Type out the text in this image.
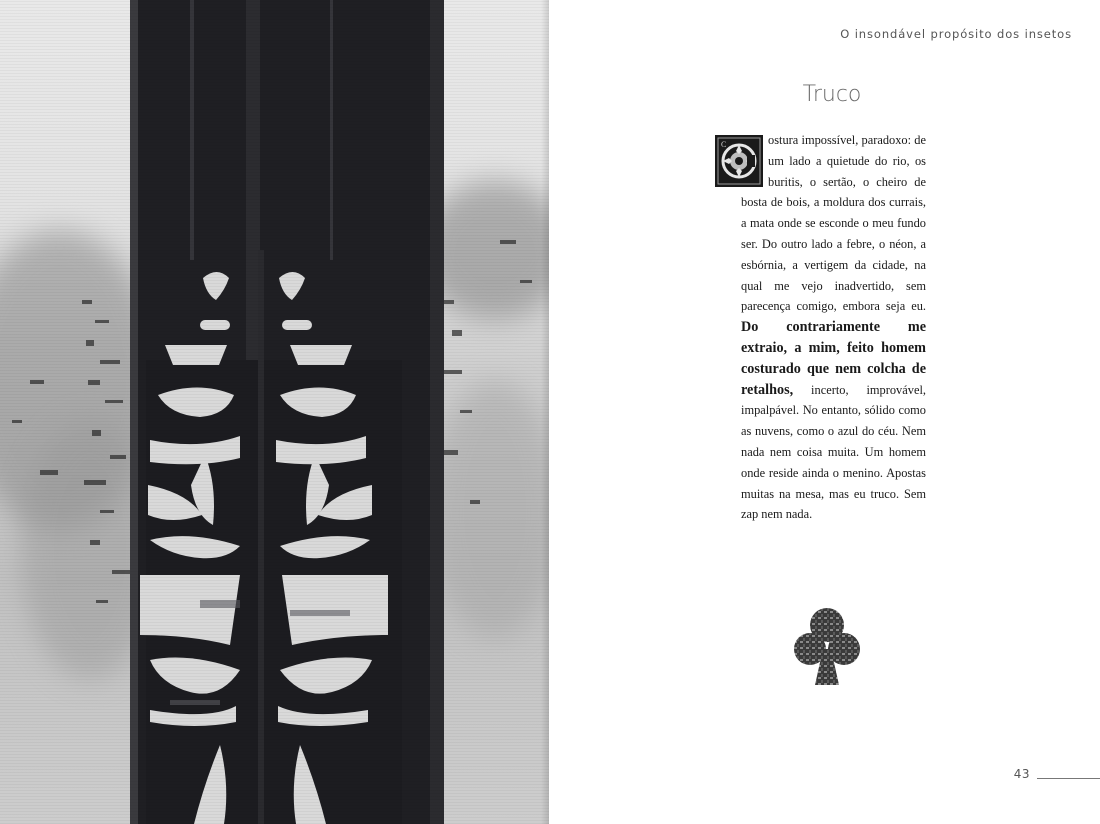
O insondável propósito dos insetos
Truco
C	ostura impossível, paradoxo: de um lado a quietude do rio, os buritis, o sertão, o cheiro de bosta de bois, a moldura dos currais, a mata onde se esconde o meu fundo ser. Do outro lado a febre, o néon, a esbórnia, a vertigem da cidade, na qual me vejo inadvertido, sem parecença comigo, embora seja eu. Do contrariamente me extraio, a mim, feito homem costurado que nem colcha de retalhos, incerto, improvável, impalpável. No entanto, sólido como as nuvens, como o azul do céu. Nem nada nem coisa muita. Um homem onde reside ainda o menino. Apostas muitas na mesa, mas eu truco. Sem zap nem nada.
43
